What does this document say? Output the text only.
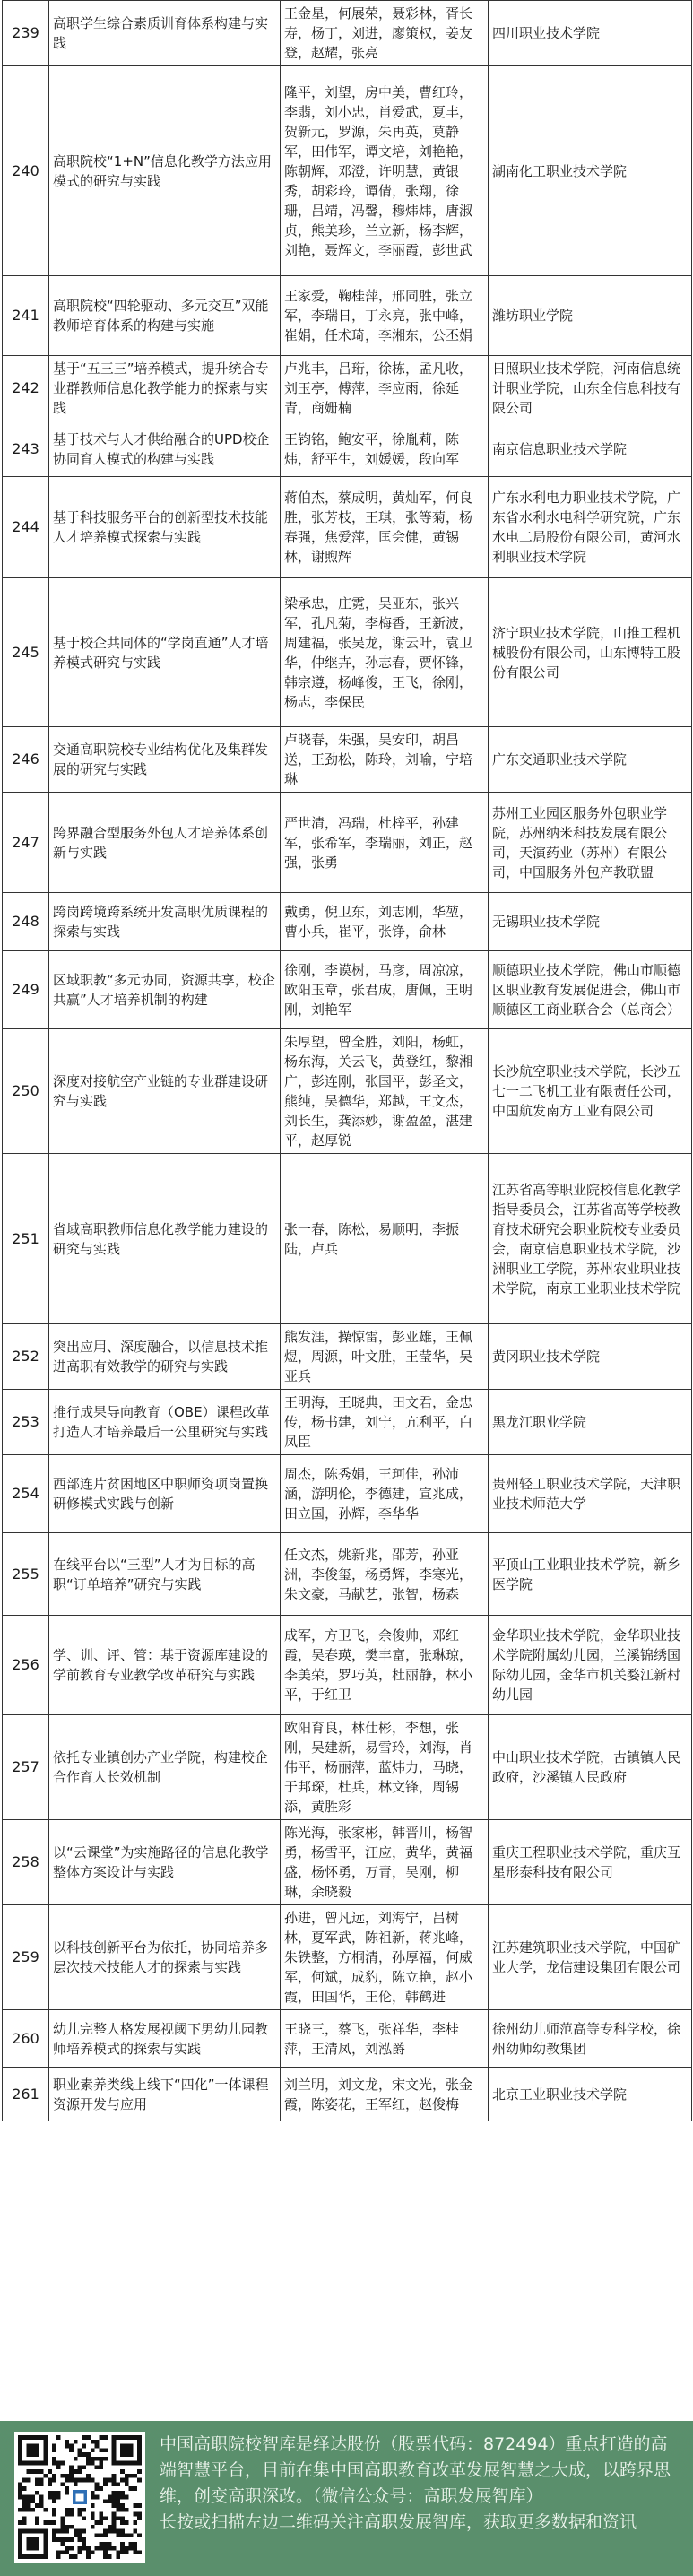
239	高职学生综合素质训育体系构建与实践	王金星，何展荣，聂彩林，胥长寿，杨丁，刘进，廖策权，姜友登，赵耀，张亮	四川职业技术学院
240	高职院校“1+N”信息化教学方法应用模式的研究与实践	隆平，刘望，房中美，曹红玲，李翡，刘小忠，肖爱武，夏丰，贺新元，罗源，朱再英，莫静军，田伟军，谭文培，刘艳艳，陈朝辉，邓澄，许明慧，黄银秀，胡彩玲，谭倩，张翔，徐珊，吕靖，冯馨，穆炜炜，唐淑贞，熊美珍，兰立新，杨李辉，刘艳，聂辉文，李丽霞，彭世武	湖南化工职业技术学院
241	高职院校“四轮驱动、多元交互”双能教师培育体系的构建与实施	王家爱，鞠桂萍，邢同胜，张立军，李瑞日，丁永亮，张中峰，崔娟，任术琦，李湘东，公丕娟	潍坊职业学院
242	基于“五三三”培养模式，提升统合专业群教师信息化教学能力的探索与实践	卢兆丰，吕珩，徐栋，孟凡收，刘玉亭，傅萍，李应雨，徐延青，商姗楠	日照职业技术学院，河南信息统计职业学院，山东全信息科技有限公司
243	基于技术与人才供给融合的UPD校企协同育人模式的构建与实践	王钧铭，鲍安平，徐胤莉，陈炜，舒平生，刘媛媛，段向军	南京信息职业技术学院
244	基于科技服务平台的创新型技术技能人才培养模式探索与实践	蒋伯杰，蔡成明，黄灿军，何良胜，张芳枝，王琪，张等菊，杨春强，焦爱萍，匡会健，黄锡林，谢煦辉	广东水利电力职业技术学院，广东省水利水电科学研究院，广东水电二局股份有限公司，黄河水利职业技术学院
245	基于校企共同体的“学岗直通”人才培养模式研究与实践	梁承忠，庄霓，吴亚东，张兴军，孔凡菊，李梅香，王新波，周建福，张吴龙，谢云叶，袁卫华，仲继卉，孙志春，贾怀锋，韩宗遵，杨峰俊，王飞，徐刚，杨志，李保民	济宁职业技术学院，山推工程机械股份有限公司，山东博特工股份有限公司
246	交通高职院校专业结构优化及集群发展的研究与实践	卢晓春，朱强，吴安印，胡昌送，王劲松，陈玲，刘喻，宁培琳	广东交通职业技术学院
247	跨界融合型服务外包人才培养体系创新与实践	严世清，冯瑞，杜梓平，孙建军，张希军，李瑞丽，刘正，赵强，张勇	苏州工业园区服务外包职业学院，苏州纳米科技发展有限公司，天演药业（苏州）有限公司，中国服务外包产教联盟
248	跨岗跨境跨系统开发高职优质课程的探索与实践	戴勇，倪卫东，刘志刚，华堃，曹小兵，崔平，张铮，俞林	无锡职业技术学院
249	区域职教“多元协同，资源共享，校企共赢”人才培养机制的构建	徐刚，李谟树，马彦，周凉凉，欧阳玉章，张君成，唐佩，王明刚，刘艳军	顺德职业技术学院，佛山市顺德区职业教育发展促进会，佛山市顺德区工商业联合会（总商会）
250	深度对接航空产业链的专业群建设研究与实践	朱厚望，曾全胜，刘阳，杨虹，杨东海，关云飞，黄登红，黎湘广，彭连刚，张国平，彭圣文，熊纯，吴德华，郑越，王文杰，刘长生，龚添妙，谢盈盈，湛建平，赵厚锐	长沙航空职业技术学院，长沙五七一二飞机工业有限责任公司，中国航发南方工业有限公司
251	省域高职教师信息化教学能力建设的研究与实践	张一春，陈松，易顺明，李振陆，卢兵	江苏省高等职业院校信息化教学指导委员会，江苏省高等学校教育技术研究会职业院校专业委员会，南京信息职业技术学院，沙洲职业工学院，苏州农业职业技术学院，南京工业职业技术学院
252	突出应用、深度融合，以信息技术推进高职有效教学的研究与实践	熊发涯，操惊雷，彭亚雄，王佩煜，周源，叶文胜，王莹华，吴亚兵	黄冈职业技术学院
253	推行成果导向教育（OBE）课程改革 打造人才培养最后一公里研究与实践	王明海，王晓典，田文君，金忠传，杨书建，刘宁，亢利平，白凤臣	黑龙江职业学院
254	西部连片贫困地区中职师资项岗置换研修模式实践与创新	周杰，陈秀娟，王珂佳，孙沛涵，游明伦，李德建，宣兆成，田立国，孙辉，李华华	贵州轻工职业技术学院，天津职业技术师范大学
255	在线平台以“三型”人才为目标的高职“订单培养”研究与实践	任文杰，姚新兆，邵芳，孙亚洲，李俊玺，杨勇辉，李寒光，朱文豪，马献艺，张智，杨森	平顶山工业职业技术学院，新乡医学院
256	学、训、评、管：基于资源库建设的学前教育专业教学改革研究与实践	成军，方卫飞，余俊帅，邓红霞，吴春瑛，樊丰富，张琳琼，李美荣，罗巧英，杜丽静，林小平，于红卫	金华职业技术学院，金华职业技术学院附属幼儿园，兰溪锦绣国际幼儿园，金华市机关婺江新村幼儿园
257	依托专业镇创办产业学院，构建校企合作育人长效机制	欧阳育良，林仕彬，李想，张刚，吴建新，易雪玲，刘海，肖伟平，杨丽萍，蓝炜力，马晓，于邦琛，杜兵，林文锋，周锡添，黄胜彩	中山职业技术学院，古镇镇人民政府，沙溪镇人民政府
258	以“云课堂”为实施路径的信息化教学整体方案设计与实践	陈光海，张家彬，韩晋川，杨智勇，杨雪平，汪应，黄华，黄福盛，杨怀勇，万青，吴刚，柳琳，余晓毅	重庆工程职业技术学院，重庆互星形泰科技有限公司
259	以科技创新平台为依托，协同培养多层次技术技能人才的探索与实践	孙进，曾凡远，刘海宁，吕树林，夏军武，陈祖新，蒋兆峰，朱铁整，方桐清，孙厚福，何威军，何斌，成豹，陈立艳，赵小霞，田国华，王伦，韩鹤进	江苏建筑职业技术学院，中国矿业大学，龙信建设集团有限公司
260	幼儿完整人格发展视阈下男幼儿园教师培养模式的探索与实践	王晓三，蔡飞，张祥华，李桂萍，王清凤，刘泓爵	徐州幼儿师范高等专科学校，徐州幼师幼教集团
261	职业素养类线上线下“四化”一体课程资源开发与应用	刘兰明，刘文龙，宋文光，张金霞，陈姿花，王军红，赵俊梅	北京工业职业技术学院

中国高职院校智库是绎达股份（股票代码：872494）重点打造的高端智慧平台，目前在集中国高职教育改革发展智慧之大成，以跨界思维，创变高职深改。（微信公众号：高职发展智库）

长按或扫描左边二维码关注高职发展智库，获取更多数据和资讯
